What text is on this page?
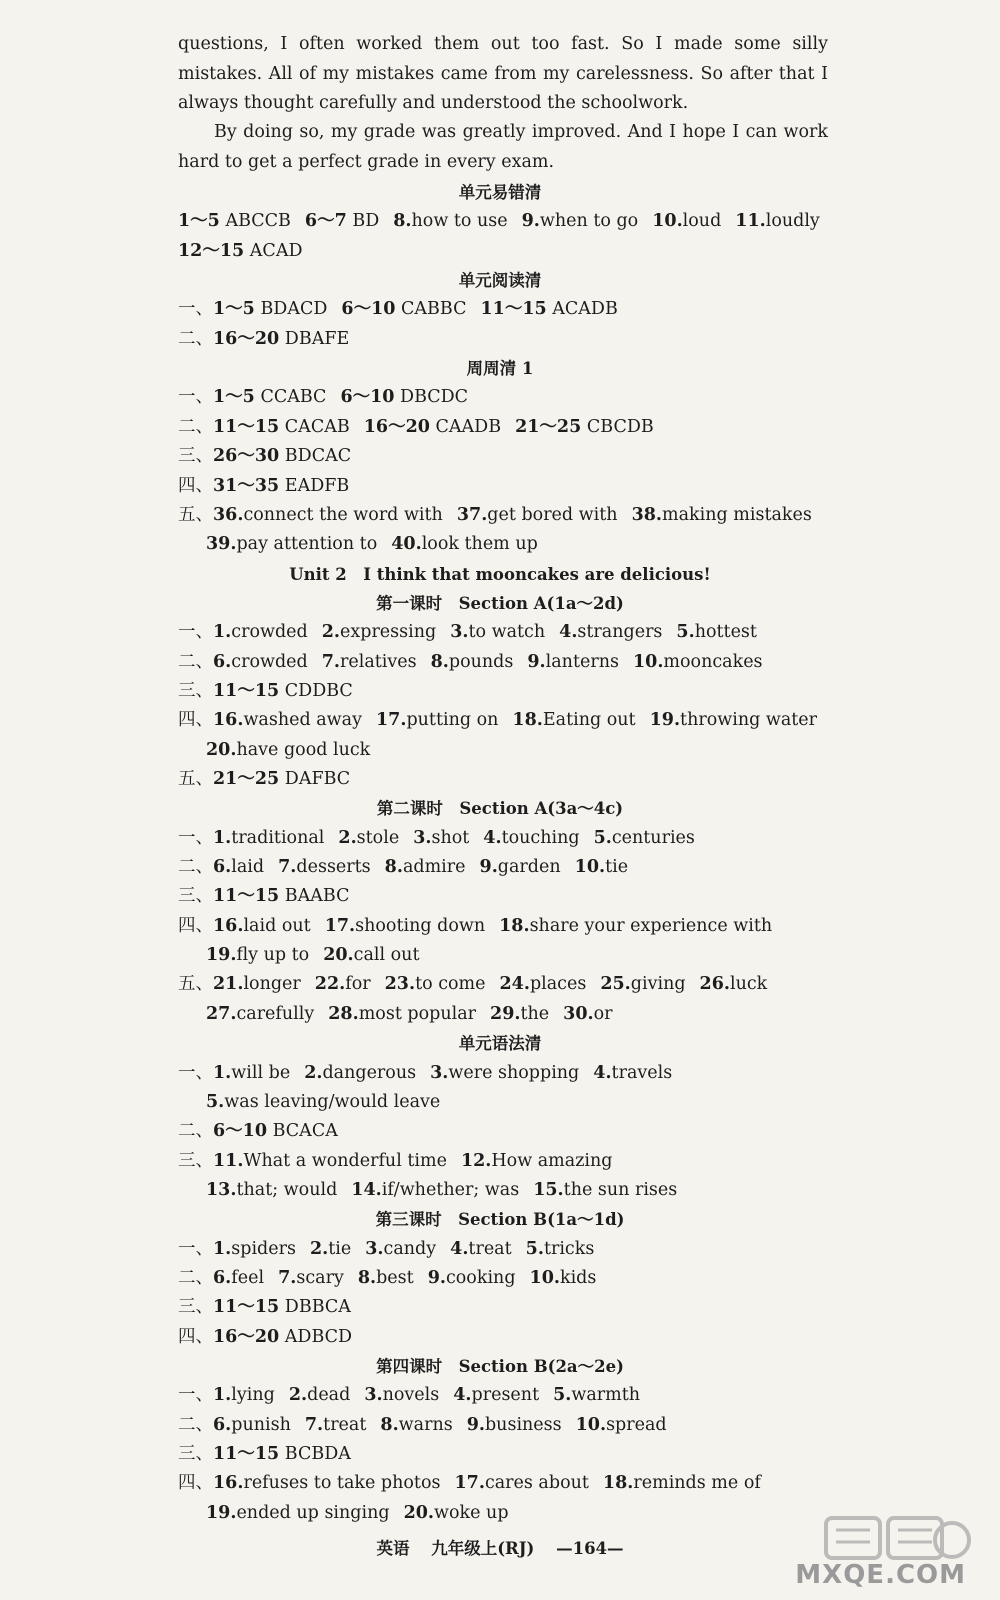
questions, I often worked them out too fast. So I made some silly mistakes. All of my mistakes came from my carelessness. So after that I always thought carefully and understood the schoolwork.
By doing so, my grade was greatly improved. And I hope I can work hard to get a perfect grade in every exam.
单元易错清
1～5 ABCCB 6～7 BD 8.how to use 9.when to go 10.loud 11.loudly
12～15 ACAD
单元阅读清
一、1～5 BDACD 6～10 CABBC 11～15 ACADB
二、16～20 DBAFE
周周清 1
一、1～5 CCABC 6～10 DBCDC
二、11～15 CACAB 16～20 CAADB 21～25 CBCDB
三、26～30 BDCAC
四、31～35 EADFB
五、36.connect the word with 37.get bored with 38.making mistakes
39.pay attention to 40.look them up
Unit 2　I think that mooncakes are delicious!
第一课时　Section A(1a～2d)
一、1.crowded 2.expressing 3.to watch 4.strangers 5.hottest
二、6.crowded 7.relatives 8.pounds 9.lanterns 10.mooncakes
三、11～15 CDDBC
四、16.washed away 17.putting on 18.Eating out 19.throwing water
20.have good luck
五、21～25 DAFBC
第二课时　Section A(3a～4c)
一、1.traditional 2.stole 3.shot 4.touching 5.centuries
二、6.laid 7.desserts 8.admire 9.garden 10.tie
三、11～15 BAABC
四、16.laid out 17.shooting down 18.share your experience with
19.fly up to 20.call out
五、21.longer 22.for 23.to come 24.places 25.giving 26.luck
27.carefully 28.most popular 29.the 30.or
单元语法清
一、1.will be 2.dangerous 3.were shopping 4.travels
5.was leaving/would leave
二、6～10 BCACA
三、11.What a wonderful time 12.How amazing
13.that; would 14.if/whether; was 15.the sun rises
第三课时　Section B(1a～1d)
一、1.spiders 2.tie 3.candy 4.treat 5.tricks
二、6.feel 7.scary 8.best 9.cooking 10.kids
三、11～15 DBBCA
四、16～20 ADBCD
第四课时　Section B(2a～2e)
一、1.lying 2.dead 3.novels 4.present 5.warmth
二、6.punish 7.treat 8.warns 9.business 10.spread
三、11～15 BCBDA
四、16.refuses to take photos 17.cares about 18.reminds me of
19.ended up singing 20.woke up
英语 九年级上(RJ) —164—
MXQE.COM
